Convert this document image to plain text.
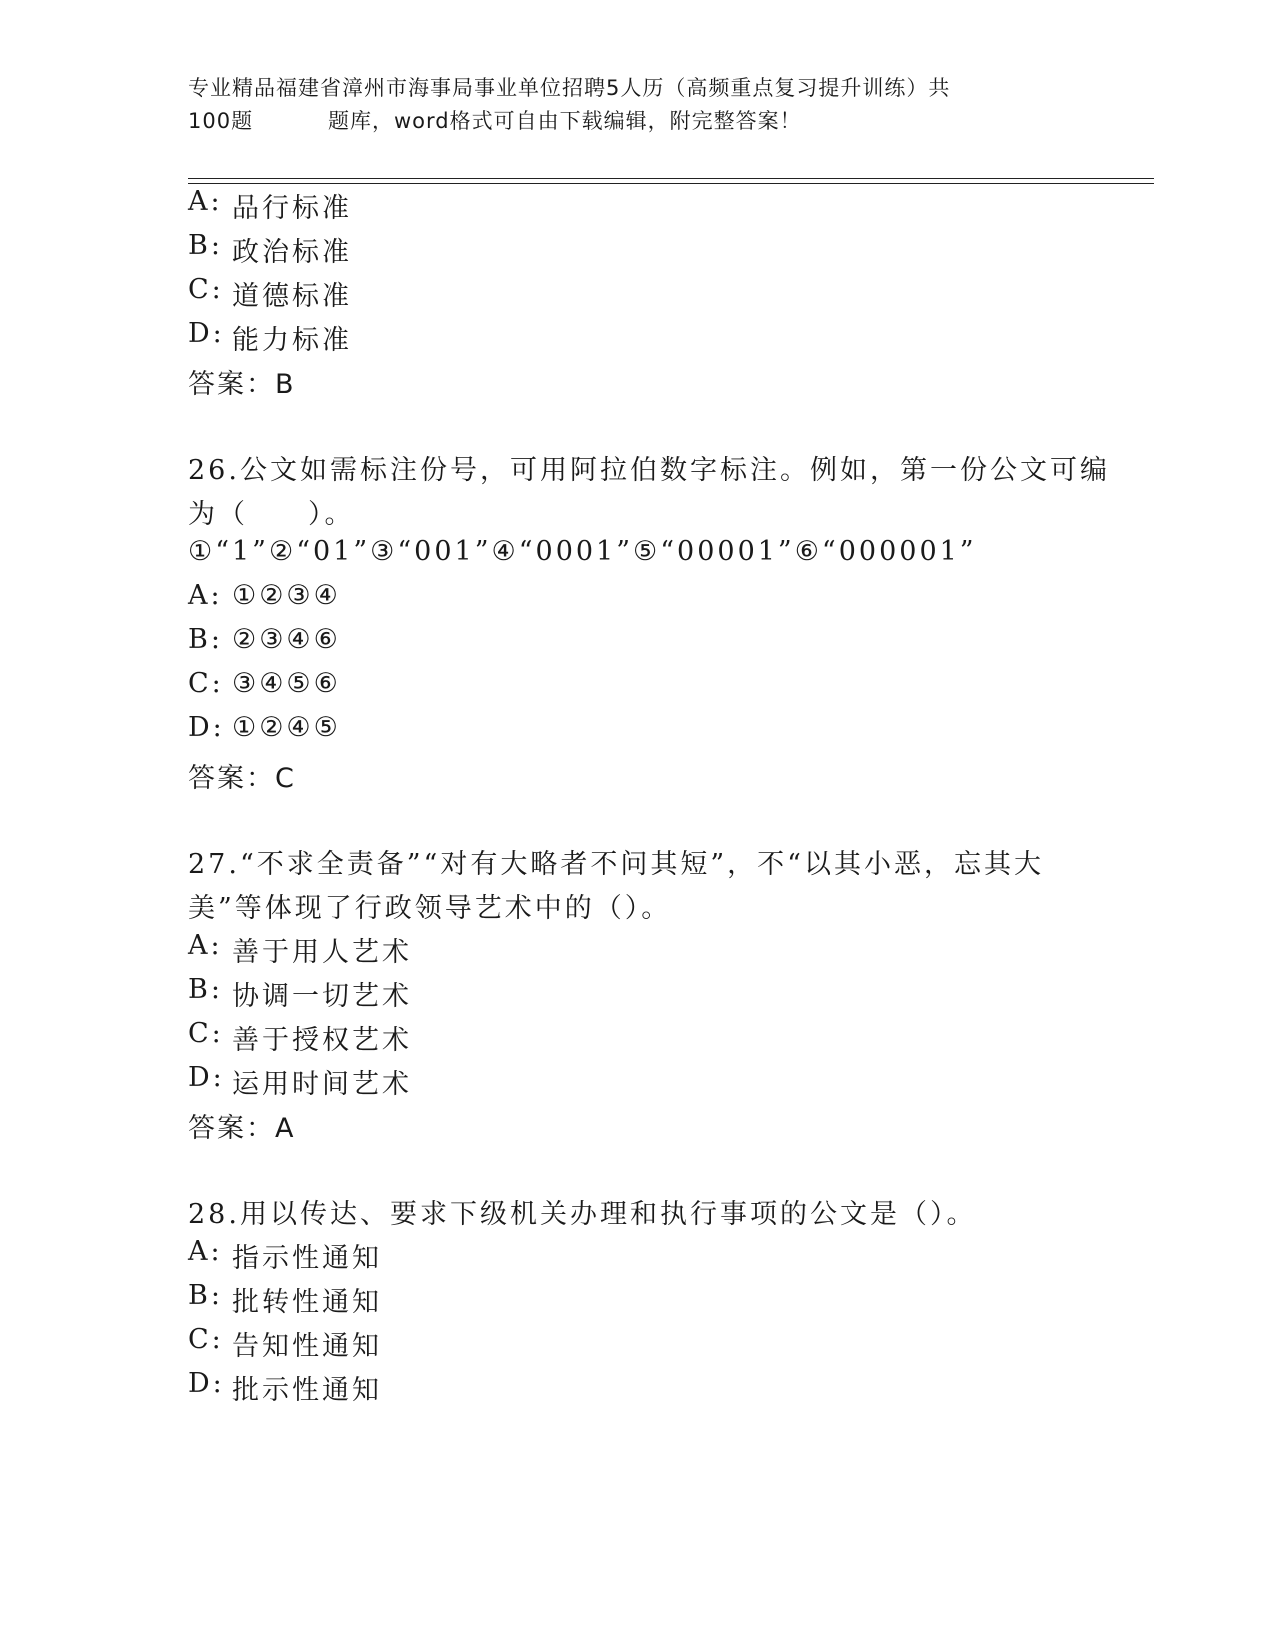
专业精品福建省漳州市海事局事业单位招聘5人历（高频重点复习提升训练）共
100题	题库，word格式可自由下载编辑，附完整答案！
A: 品行标准
B: 政治标准
C: 道德标准
D: 能力标准
答案：B
26.公文如需标注份号，可用阿拉伯数字标注。例如，第一份公文可编
为（　　）。
①“1”②“01”③“001”④“0001”⑤“00001”⑥“000001”
A: ①②③④
B: ②③④⑥
C: ③④⑤⑥
D: ①②④⑤
答案：C
27.“不求全责备”“对有大略者不问其短”，不“以其小恶，忘其大
美”等体现了行政领导艺术中的（）。
A: 善于用人艺术
B: 协调一切艺术
C: 善于授权艺术
D: 运用时间艺术
答案：A
28.用以传达、要求下级机关办理和执行事项的公文是（）。
A: 指示性通知
B: 批转性通知
C: 告知性通知
D: 批示性通知
